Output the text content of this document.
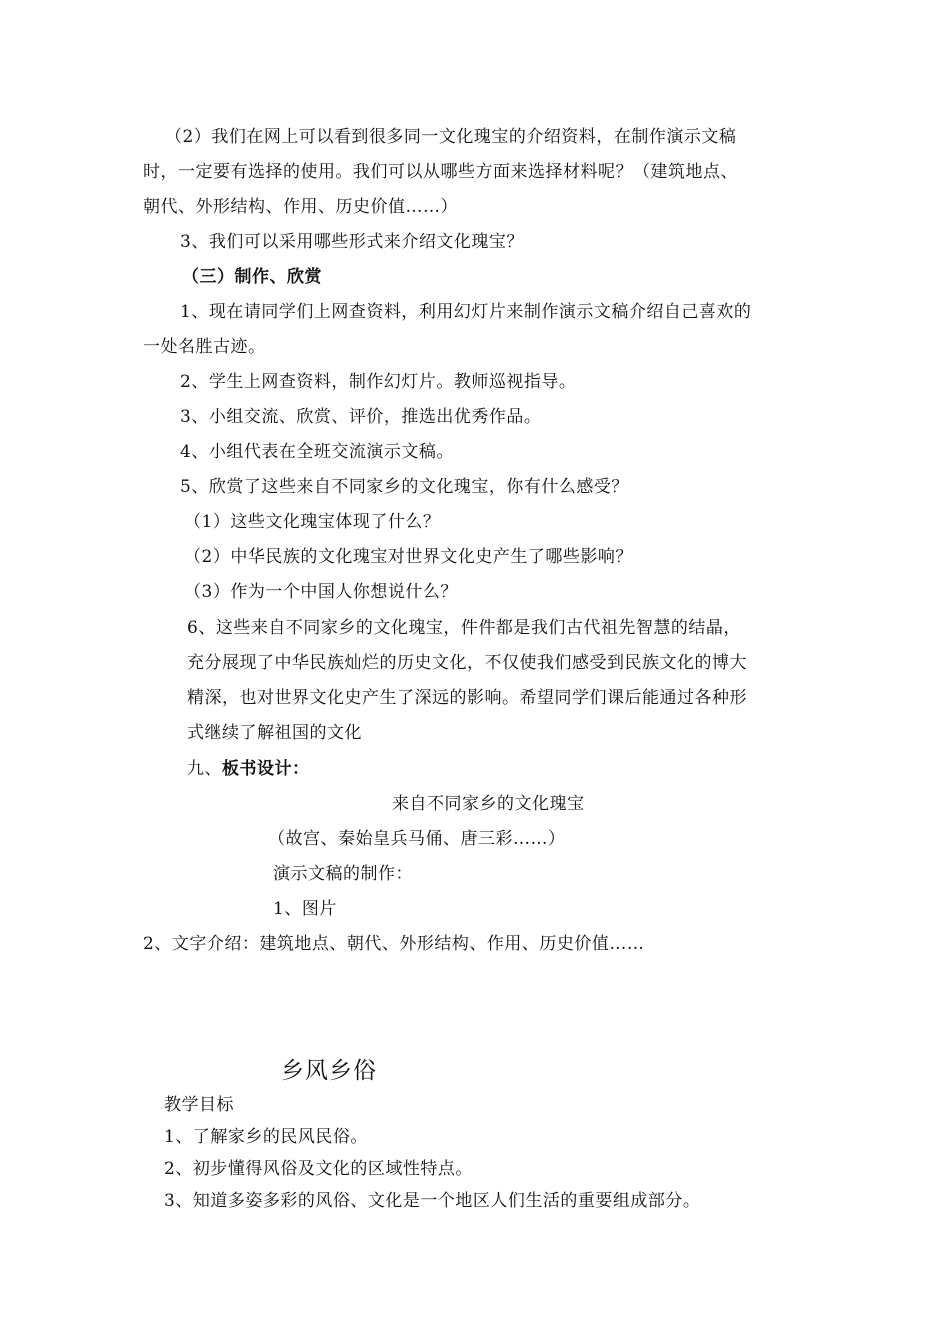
（2）我们在网上可以看到很多同一文化瑰宝的介绍资料，在制作演示文稿
时，一定要有选择的使用。我们可以从哪些方面来选择材料呢？（建筑地点、
朝代、外形结构、作用、历史价值……）
3、我们可以采用哪些形式来介绍文化瑰宝？
（三）制作、欣赏
1、现在请同学们上网查资料，利用幻灯片来制作演示文稿介绍自己喜欢的
一处名胜古迹。
2、学生上网查资料，制作幻灯片。教师巡视指导。
3、小组交流、欣赏、评价，推选出优秀作品。
4、小组代表在全班交流演示文稿。
5、欣赏了这些来自不同家乡的文化瑰宝，你有什么感受？
（1）这些文化瑰宝体现了什么？
（2）中华民族的文化瑰宝对世界文化史产生了哪些影响？
（3）作为一个中国人你想说什么？
6、这些来自不同家乡的文化瑰宝，件件都是我们古代祖先智慧的结晶，
充分展现了中华民族灿烂的历史文化，不仅使我们感受到民族文化的博大
精深，也对世界文化史产生了深远的影响。希望同学们课后能通过各种形
式继续了解祖国的文化
九、板书设计：
来自不同家乡的文化瑰宝
（故宫、秦始皇兵马俑、唐三彩……）
演示文稿的制作：
1、图片
2、文字介绍：建筑地点、朝代、外形结构、作用、历史价值……
乡风乡俗
教学目标
1、了解家乡的民风民俗。
2、初步懂得风俗及文化的区域性特点。
3、知道多姿多彩的风俗、文化是一个地区人们生活的重要组成部分。
